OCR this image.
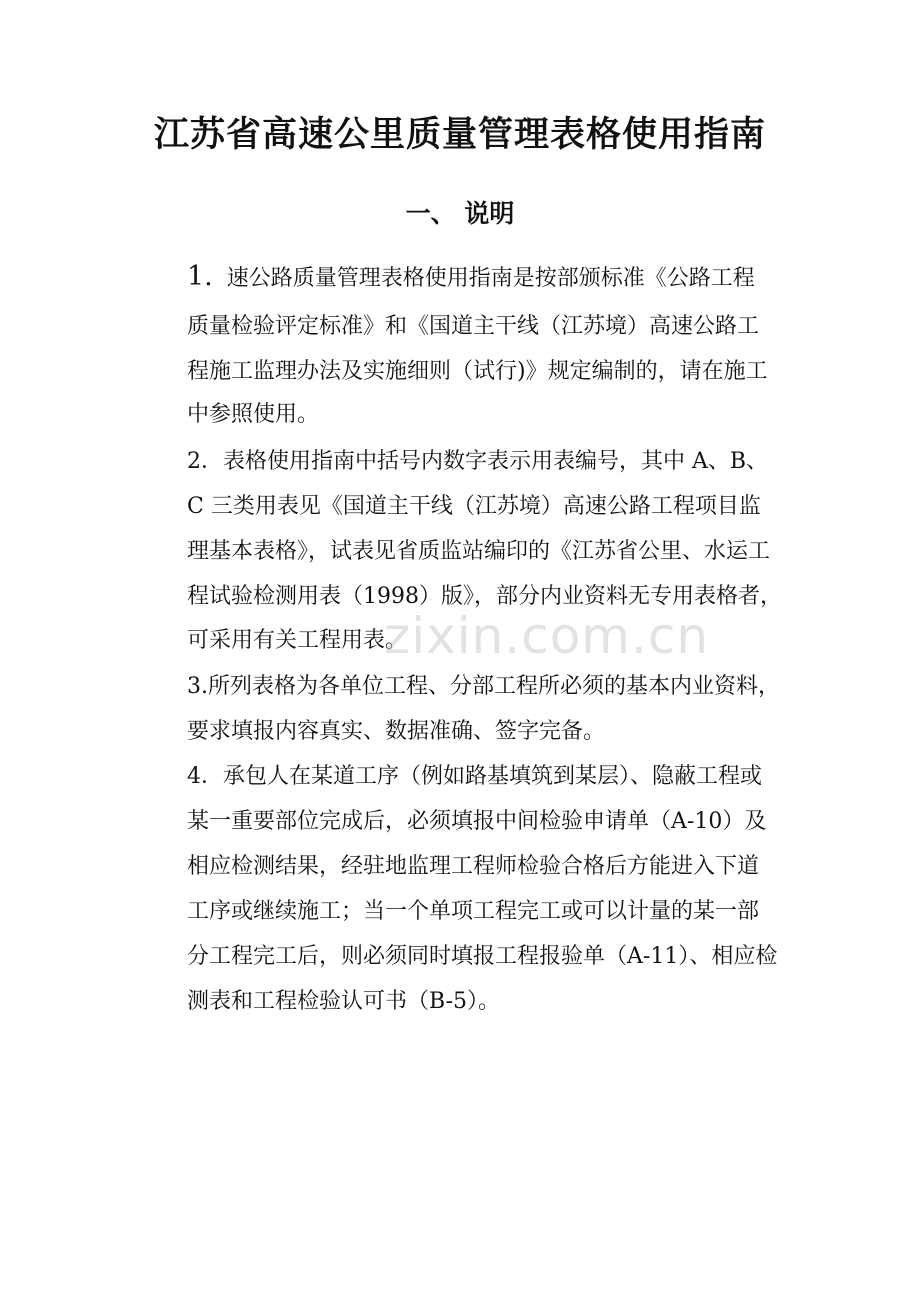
江苏省高速公里质量管理表格使用指南
一、 说明

1. 速公路质量管理表格使用指南是按部颁标准《公路工程

质量检验评定标准》和《国道主干线（江苏境）高速公路工

程施工监理办法及实施细则（试行)》规定编制的，请在施工

中参照使用。

2．表格使用指南中括号内数字表示用表编号，其中 A、B、

C 三类用表见《国道主干线（江苏境）高速公路工程项目监

理基本表格》，试表见省质监站编印的《江苏省公里、水运工

程试验检测用表（1998）版》，部分内业资料无专用表格者，

可采用有关工程用表。

3.所列表格为各单位工程、分部工程所必须的基本内业资料，

要求填报内容真实、数据准确、签字完备。

4．承包人在某道工序（例如路基填筑到某层）、隐蔽工程或

某一重要部位完成后，必须填报中间检验申请单（A-10）及

相应检测结果，经驻地监理工程师检验合格后方能进入下道

工序或继续施工；当一个单项工程完工或可以计量的某一部

分工程完工后，则必须同时填报工程报验单（A-11）、相应检

测表和工程检验认可书（B-5）。

zixin.com.cn
